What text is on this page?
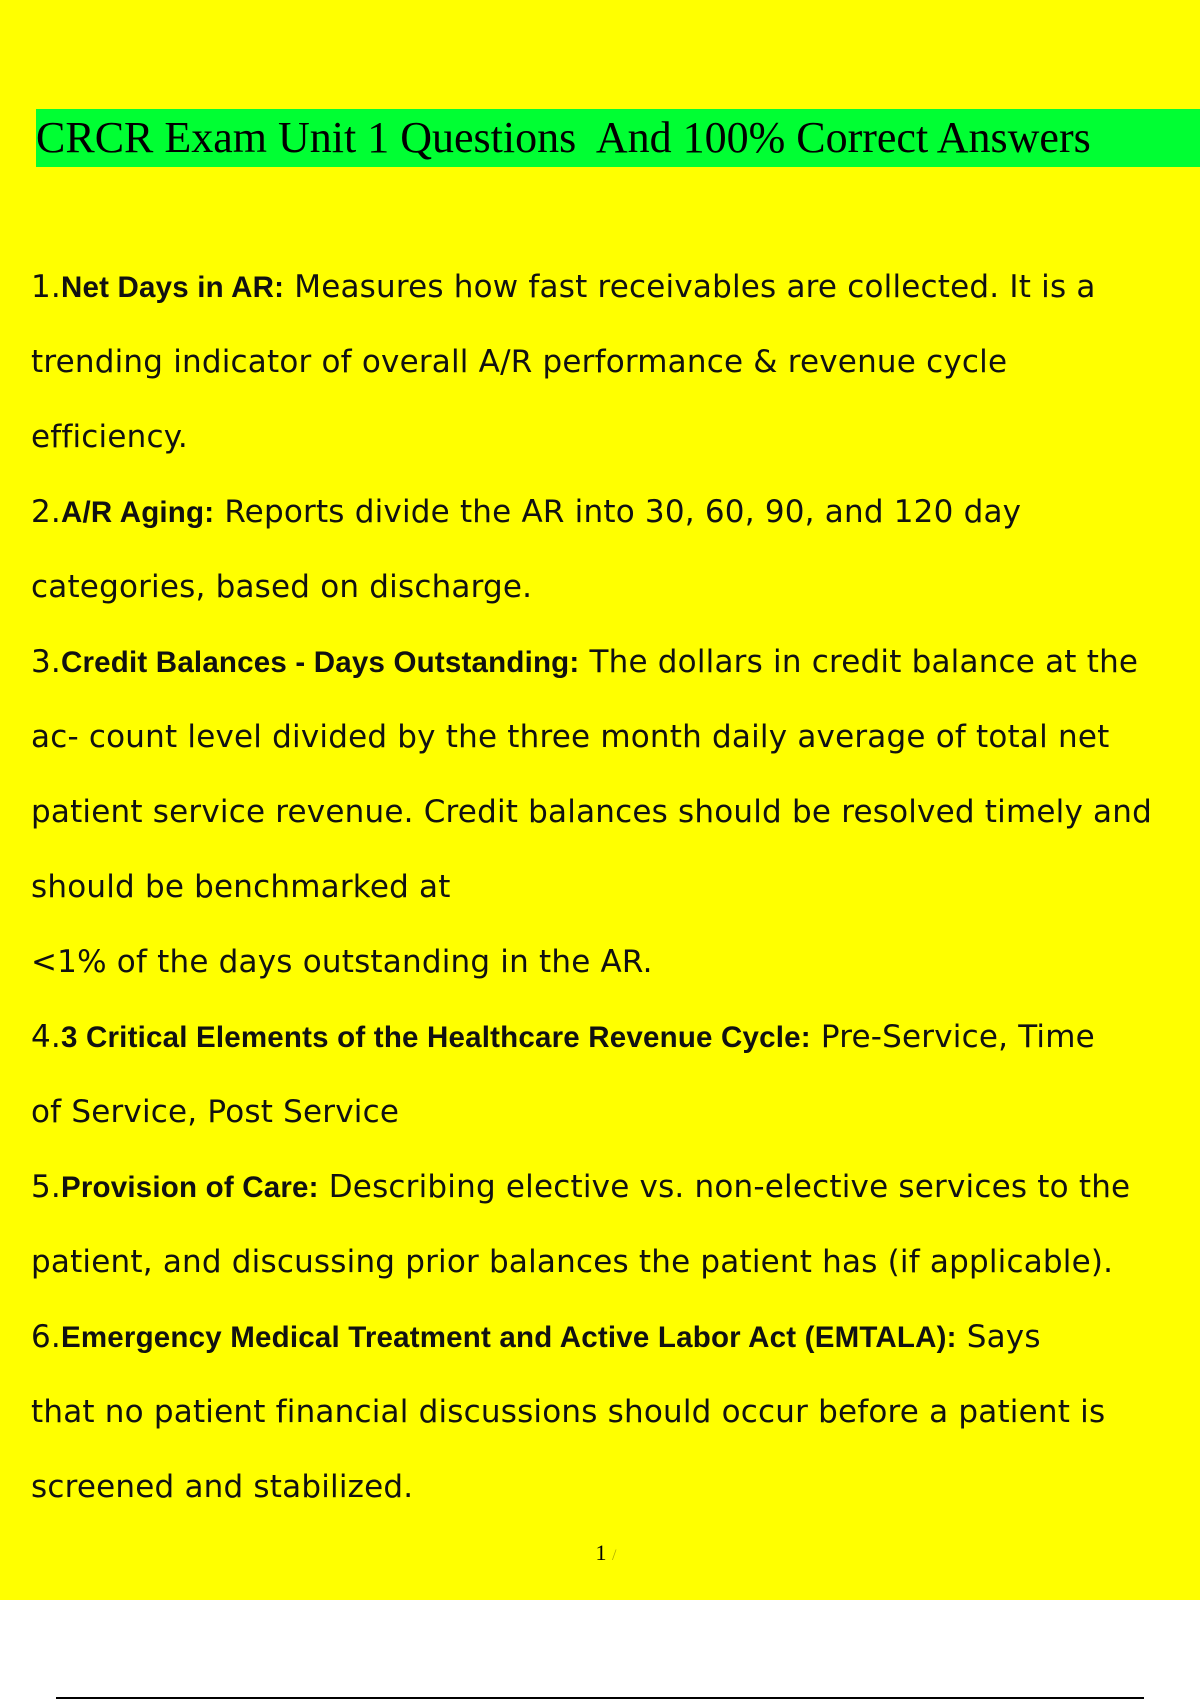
CRCR Exam Unit 1 Questions  And 100% Correct Answers
1.Net Days in AR: Measures how fast receivables are collected. It is a
trending indicator of overall A/R performance & revenue cycle
efficiency.
2.A/R Aging: Reports divide the AR into 30, 60, 90, and 120 day
categories, based on discharge.
3.Credit Balances - Days Outstanding: The dollars in credit balance at the
ac- count level divided by the three month daily average of total net
patient service revenue. Credit balances should be resolved timely and
should be benchmarked at
<1% of the days outstanding in the AR.
4.3 Critical Elements of the Healthcare Revenue Cycle: Pre-Service, Time
of Service, Post Service
5.Provision of Care: Describing elective vs. non-elective services to the
patient, and discussing prior balances the patient has (if applicable).
6.Emergency Medical Treatment and Active Labor Act (EMTALA): Says
that no patient financial discussions should occur before a patient is
screened and stabilized.
1 /
